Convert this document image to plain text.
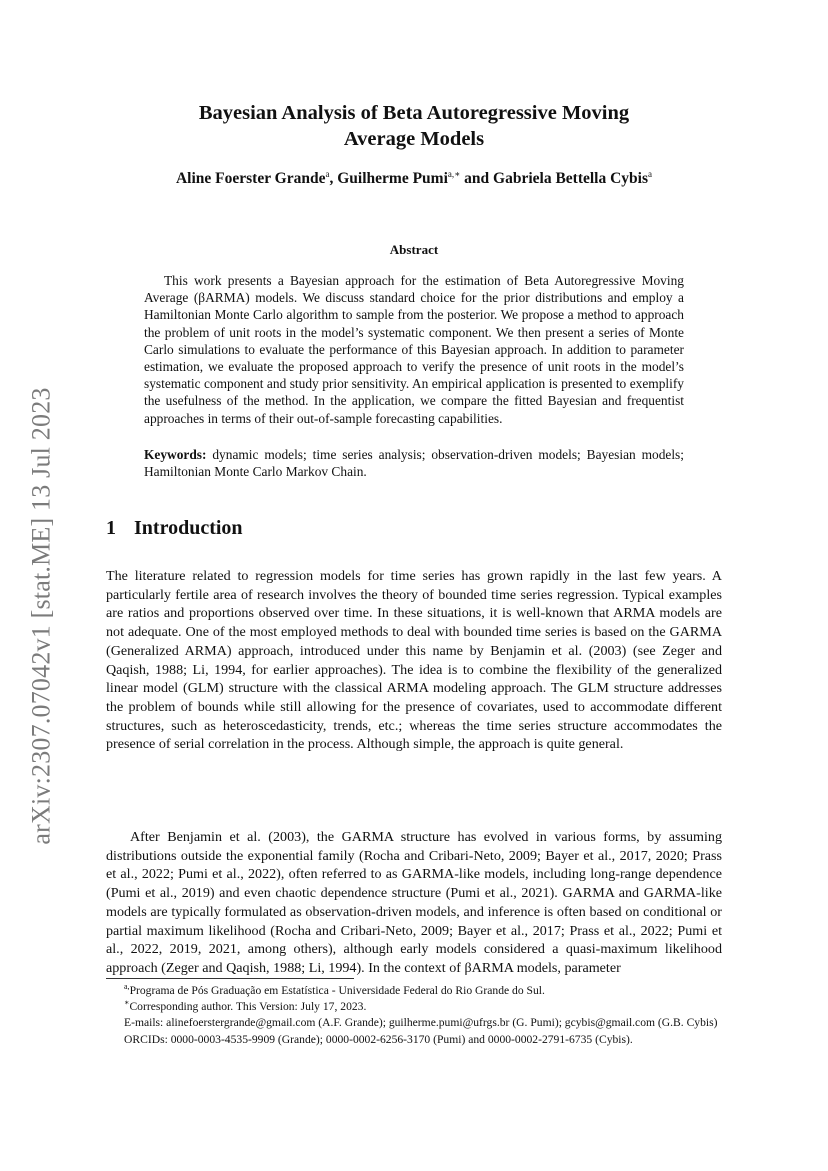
arXiv:2307.07042v1 [stat.ME] 13 Jul 2023
Bayesian Analysis of Beta Autoregressive Moving
Average Models
Aline Foerster Grande$^a$, Guilherme Pumi$^{a,∗}$ and Gabriela Bettella Cybis$^a$
Abstract

This work presents a Bayesian approach for the estimation of Beta Autoregressive Moving Average (βARMA) models. We discuss standard choice for the prior distributions and employ a Hamiltonian Monte Carlo algorithm to sample from the posterior. We propose a method to approach the problem of unit roots in the model’s systematic component. We then present a series of Monte Carlo simulations to evaluate the performance of this Bayesian approach. In addition to parameter estimation, we evaluate the proposed approach to verify the presence of unit roots in the model’s systematic component and study prior sensitivity. An empirical application is presented to exemplify the usefulness of the method. In the application, we compare the fitted Bayesian and frequentist approaches in terms of their out-of-sample forecasting capabilities.

Keywords: dynamic models; time series analysis; observation-driven models; Bayesian models; Hamiltonian Monte Carlo Markov Chain.

1 Introduction

The literature related to regression models for time series has grown rapidly in the last few years. A particularly fertile area of research involves the theory of bounded time series regression. Typical examples are ratios and proportions observed over time. In these situations, it is well-known that ARMA models are not adequate. One of the most employed methods to deal with bounded time series is based on the GARMA (Generalized ARMA) approach, introduced under this name by Benjamin et al. (2003) (see Zeger and Qaqish, 1988; Li, 1994, for earlier approaches). The idea is to combine the flexibility of the generalized linear model (GLM) structure with the classical ARMA modeling approach. The GLM structure addresses the problem of bounds while still allowing for the presence of covariates, used to accommodate different structures, such as heteroscedasticity, trends, etc.; whereas the time series structure accommodates the presence of serial correlation in the process. Although simple, the approach is quite general.

After Benjamin et al. (2003), the GARMA structure has evolved in various forms, by assuming distributions outside the exponential family (Rocha and Cribari-Neto, 2009; Bayer et al., 2017, 2020; Prass et al., 2022; Pumi et al., 2022), often referred to as GARMA-like models, including long-range dependence (Pumi et al., 2019) and even chaotic dependence structure (Pumi et al., 2021). GARMA and GARMA-like models are typically formulated as observation-driven models, and inference is often based on conditional or partial maximum likelihood (Rocha and Cribari-Neto, 2009; Bayer et al., 2017; Prass et al., 2022; Pumi et al., 2022, 2019, 2021, among others), although early models considered a quasi-maximum likelihood approach (Zeger and Qaqish, 1988; Li, 1994). In the context of βARMA models, parameter

$^{a,}$Programa de Pós Graduação em Estatística - Universidade Federal do Rio Grande do Sul.

∗Corresponding author. This Version: July 17, 2023.

E-mails: alinefoerstergrande@gmail.com (A.F. Grande); guilherme.pumi@ufrgs.br (G. Pumi); gcybis@gmail.com (G.B. Cybis)

ORCIDs: 0000-0003-4535-9909 (Grande); 0000-0002-6256-3170 (Pumi) and 0000-0002-2791-6735 (Cybis).
